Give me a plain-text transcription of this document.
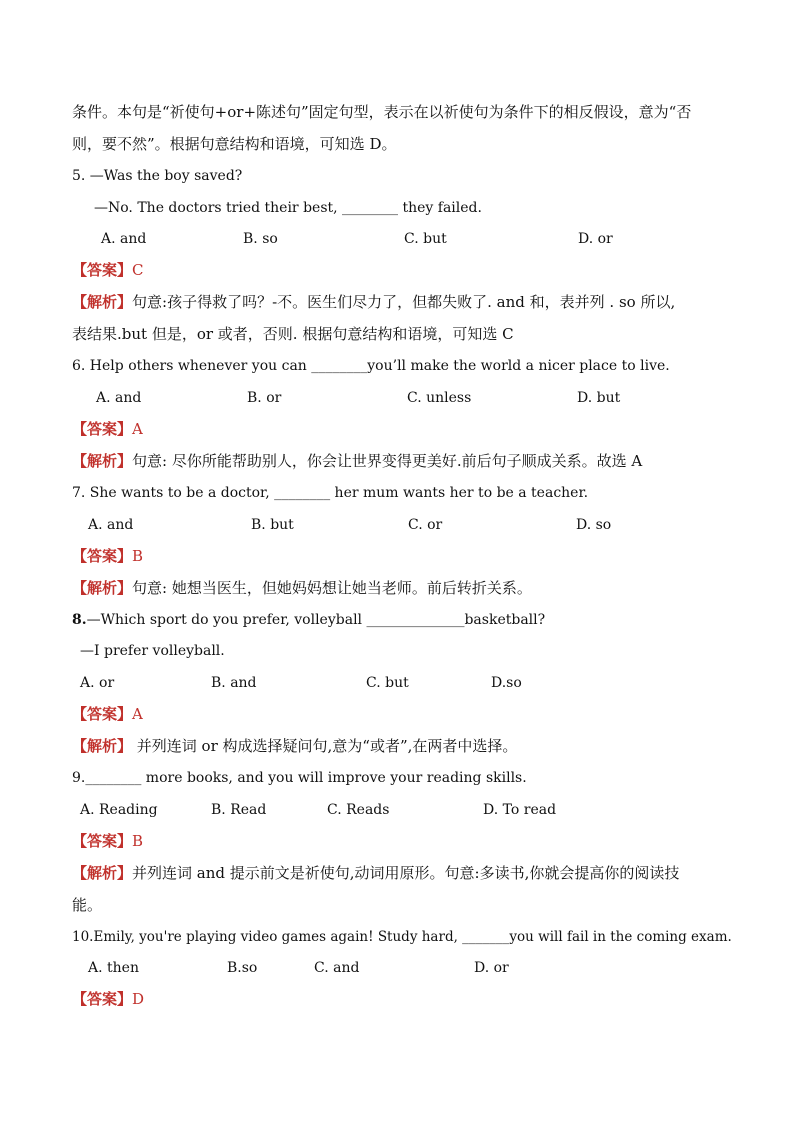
条件。本句是“祈使句+or+陈述句”固定句型，表示在以祈使句为条件下的相反假设，意为“否
则，要不然”。根据句意结构和语境，可知选 D。
5. —Was the boy saved?
—No. The doctors tried their best, ________ they failed.
A. and	B. so	C. but	D. or
【答案】C
【解析】句意:孩子得救了吗？-不。医生们尽力了，但都失败了. and 和，表并列 . so 所以,
表结果.but 但是，or 或者，否则. 根据句意结构和语境，可知选 C
6. Help others whenever you can ________you’ll make the world a nicer place to live.
A. and	B. or	C. unless	D. but
【答案】A
【解析】句意: 尽你所能帮助别人，你会让世界变得更美好.前后句子顺成关系。故选 A
7. She wants to be a doctor, ________ her mum wants her to be a teacher.
A. and	B. but	C. or	D. so
【答案】B
【解析】句意: 她想当医生，但她妈妈想让她当老师。前后转折关系。
8.—Which sport do you prefer, volleyball ______________basketball?
—I prefer volleyball.
A. or	B. and	C. but	D.so
【答案】A
【解析】 并列连词 or 构成选择疑问句,意为“或者”,在两者中选择。
9.________ more books, and you will improve your reading skills.
A. Reading	B. Read	C. Reads	D. To read
【答案】B
【解析】并列连词 and 提示前文是祈使句,动词用原形。句意:多读书,你就会提高你的阅读技
能。
10.Emily, you're playing video games again! Study hard, _______you will fail in the coming exam.
A. then	B.so	C. and	D. or
【答案】D
